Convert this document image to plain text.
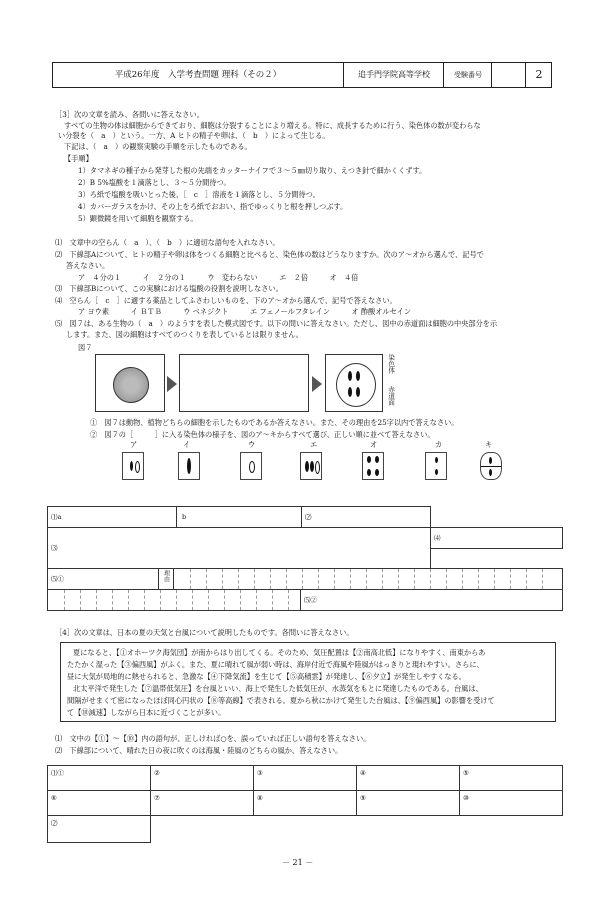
平成26年度　入学考査問題 理科（その２）	追手門学院高等学校	受験番号	2
［3］次の文章を読み、各問いに答えなさい。
すべての生物の体は細胞からできており、細胞は分裂することにより増える。特に、成長するために行う、染色体の数が変わらな
い分裂を（　a　）という。一方、A ヒトの精子や卵は、（　b　）によって生じる。
下記は、（　a　）の観察実験の手順を示したものである。
【手順】
1）タマネギの種子から発芽した根の先端をカッターナイフで３～５㎜切り取り、えつき針で細かくくずす。
2）B 5%塩酸を１滴落とし、３～５分間待つ。
3）ろ紙で塩酸を吸いとった後、［　c　］溶液を１滴落とし、５分間待つ。
4）カバーガラスをかけ、その上をろ紙でおおい、指でゆっくりと根を押しつぶす。
5）顕微鏡を用いて細胞を観察する。
⑴　文章中の空らん（　a　）、（　b　）に適切な語句を入れなさい。
⑵　下線部Aについて、ヒトの精子や卵は体をつくる細胞と比べると、染色体の数はどうなりますか。次のア～オから選んで、記号で
答えなさい。
ア　４分の１　　　イ　２分の１　　　ウ　変わらない　　　エ　２倍　　　オ　４倍
⑶　下線部Bについて、この実験における塩酸の役割を説明しなさい。
⑷　空らん［　c　］に適する薬品としてふさわしいものを、下のア～オから選んで、記号で答えなさい。
ア ヨウ素　　　イ ＢＴＢ　　　ウ ベネジクト　　　エ フェノールフタレイン　　　オ 酢酸オルセイン
⑸　図７は、ある生物の（　a　）のようすを表した模式図です。以下の問いに答えなさい。ただし、図中の赤道面は細胞の中央部分を示
します。また、図の細胞はすべてのつくりを表しているとは限りません。
図７
染色体
赤道面
①　図７は動物、植物どちらの細胞を示したものであるか答えなさい。また、その理由を25字以内で答えなさい。
②　図７の［　　　］に入る染色体の様子を、図のア～キからすべて選び、正しい順に並べて答えなさい。
ア	イ	ウ	エ	オ	カ	キ
⑴a	b	⑵
⑶
⑷
⑸①	理由
⑸②
［4］次の文章は、日本の夏の天気と台風について説明したものです。各問いに答えなさい。
夏になると、【①オホーツク海気団】が南からはり出してくる。そのため、気圧配置は【②南高北低】になりやすく、南東からあ
たたかく湿った【③偏西風】がふく。また、夏に晴れて風が弱い時は、海岸付近で海風や陸風がはっきりと現れやすい。さらに、
昼に大気が局地的に熱せられると、急激な【④下降気流】を生じて【⑤高積雲】が発達し、【⑥夕立】が発生しやすくなる。
北太平洋で発生した【⑦温帯低気圧】を台風といい、海上で発生した低気圧が、水蒸気をもとに発達したものである。台風は、
間隔がせまくて密になったほぼ同心円状の【⑧等高線】で表される。夏から秋にかけて発生した台風は、【⑨偏西風】の影響を受けて
て【⑩減速】しながら日本に近づくことが多い。
⑴　文中の【①】～【⑩】内の語句が、正しければ○を、誤っていれば正しい語句を答えなさい。
⑵　下線部について、晴れた日の夜に吹くのは海風・陸風のどちらの風か、答えなさい。
⑴①	②	③	④	⑤
⑥	⑦	⑧	⑨	⑩
⑵
－ 21 －
